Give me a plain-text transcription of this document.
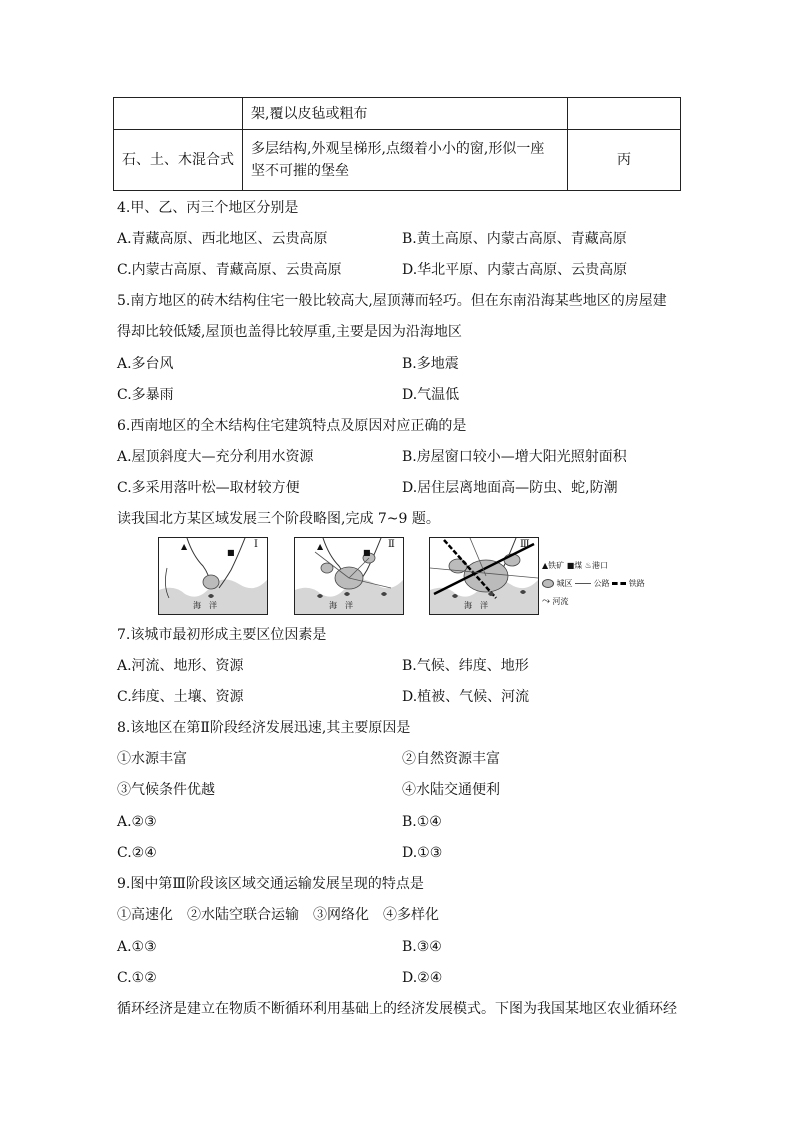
	架,覆以皮毡或粗布	
石、土、木混合式	多层结构,外观呈梯形,点缀着小小的窗,形似一座
坚不可摧的堡垒	丙
4.甲、乙、丙三个地区分别是
A.青藏高原、西北地区、云贵高原	B.黄土高原、内蒙古高原、青藏高原
C.内蒙古高原、青藏高原、云贵高原	D.华北平原、内蒙古高原、云贵高原
5.南方地区的砖木结构住宅一般比较高大,屋顶薄而轻巧。但在东南沿海某些地区的房屋建
得却比较低矮,屋顶也盖得比较厚重,主要是因为沿海地区
A.多台风	B.多地震
C.多暴雨	D.气温低
6.西南地区的全木结构住宅建筑特点及原因对应正确的是
A.屋顶斜度大—充分利用水资源	B.房屋窗口较小—增大阳光照射面积
C.多采用落叶松—取材较方便	D.居住层离地面高—防虫、蛇,防潮
读我国北方某区域发展三个阶段略图,完成 7~9 题。
▲
■
Ⅰ
海　洋
▲
■
Ⅱ
海　洋
Ⅲ
海　洋
▲铁矿 ■煤 ♨港口
城区	公路 铁路
⤳ 河流
7.该城市最初形成主要区位因素是
A.河流、地形、资源	B.气候、纬度、地形
C.纬度、土壤、资源	D.植被、气候、河流
8.该地区在第Ⅱ阶段经济发展迅速,其主要原因是
①水源丰富	②自然资源丰富
③气候条件优越	④水陆交通便利
A.②③	B.①④
C.②④	D.①③
9.图中第Ⅲ阶段该区域交通运输发展呈现的特点是
①高速化　②水陆空联合运输　③网络化　④多样化
A.①③	B.③④
C.①②	D.②④
循环经济是建立在物质不断循环利用基础上的经济发展模式。下图为我国某地区农业循环经
